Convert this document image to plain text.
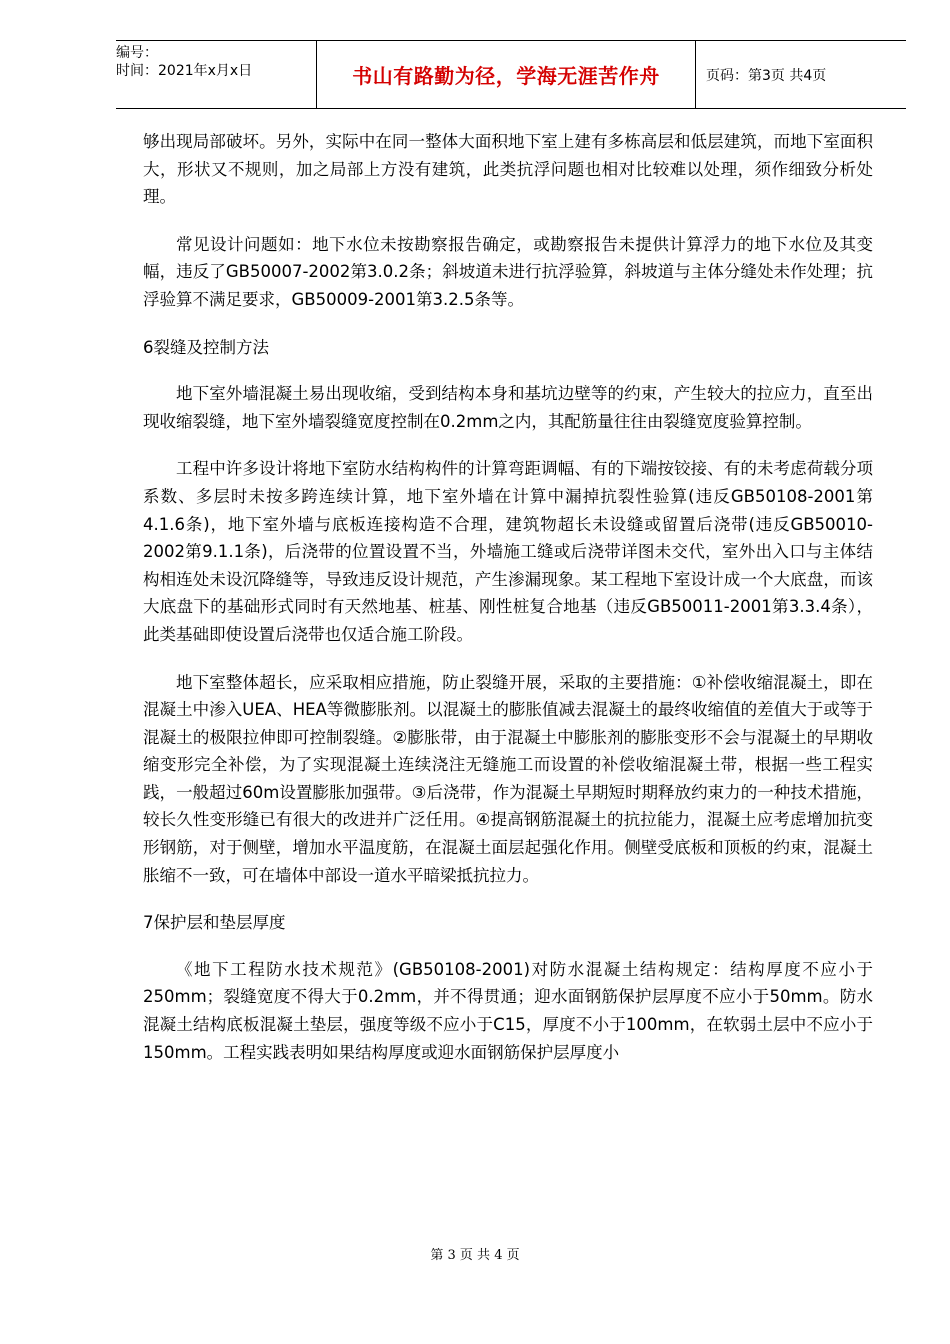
编号：
时间：2021年x月x日	书山有路勤为径，学海无涯苦作舟	页码：第3页 共4页

够出现局部破坏。另外，实际中在同一整体大面积地下室上建有多栋高层和低层建筑，而地下室面积大，形状又不规则，加之局部上方没有建筑，此类抗浮问题也相对比较难以处理，须作细致分析处理。

常见设计问题如：地下水位未按勘察报告确定，或勘察报告未提供计算浮力的地下水位及其变幅，违反了GB50007-2002第3.0.2条；斜坡道未进行抗浮验算，斜坡道与主体分缝处未作处理；抗浮验算不满足要求，GB50009-2001第3.2.5条等。

6裂缝及控制方法

地下室外墙混凝土易出现收缩，受到结构本身和基坑边壁等的约束，产生较大的拉应力，直至出现收缩裂缝，地下室外墙裂缝宽度控制在0.2mm之内，其配筋量往往由裂缝宽度验算控制。

工程中许多设计将地下室防水结构构件的计算弯距调幅、有的下端按铰接、有的未考虑荷载分项系数、多层时未按多跨连续计算，地下室外墙在计算中漏掉抗裂性验算(违反GB50108-2001第4.1.6条)，地下室外墙与底板连接构造不合理，建筑物超长未设缝或留置后浇带(违反GB50010-2002第9.1.1条)，后浇带的位置设置不当，外墙施工缝或后浇带详图未交代，室外出入口与主体结构相连处未设沉降缝等，导致违反设计规范，产生渗漏现象。某工程地下室设计成一个大底盘，而该大底盘下的基础形式同时有天然地基、桩基、刚性桩复合地基（违反GB50011-2001第3.3.4条），此类基础即使设置后浇带也仅适合施工阶段。

地下室整体超长，应采取相应措施，防止裂缝开展，采取的主要措施：①补偿收缩混凝土，即在混凝土中渗入UEA、HEA等微膨胀剂。以混凝土的膨胀值减去混凝土的最终收缩值的差值大于或等于混凝土的极限拉伸即可控制裂缝。②膨胀带，由于混凝土中膨胀剂的膨胀变形不会与混凝土的早期收缩变形完全补偿，为了实现混凝土连续浇注无缝施工而设置的补偿收缩混凝土带，根据一些工程实践，一般超过60m设置膨胀加强带。③后浇带，作为混凝土早期短时期释放约束力的一种技术措施，较长久性变形缝已有很大的改进并广泛任用。④提高钢筋混凝土的抗拉能力，混凝土应考虑增加抗变形钢筋，对于侧壁，增加水平温度筋，在混凝土面层起强化作用。侧壁受底板和顶板的约束，混凝土胀缩不一致，可在墙体中部设一道水平暗梁抵抗拉力。

7保护层和垫层厚度

《地下工程防水技术规范》(GB50108-2001)对防水混凝土结构规定：结构厚度不应小于250mm；裂缝宽度不得大于0.2mm，并不得贯通；迎水面钢筋保护层厚度不应小于50mm。防水混凝土结构底板混凝土垫层，强度等级不应小于C15，厚度不小于100mm，在软弱土层中不应小于150mm。工程实践表明如果结构厚度或迎水面钢筋保护层厚度小

第 3 页 共 4 页
